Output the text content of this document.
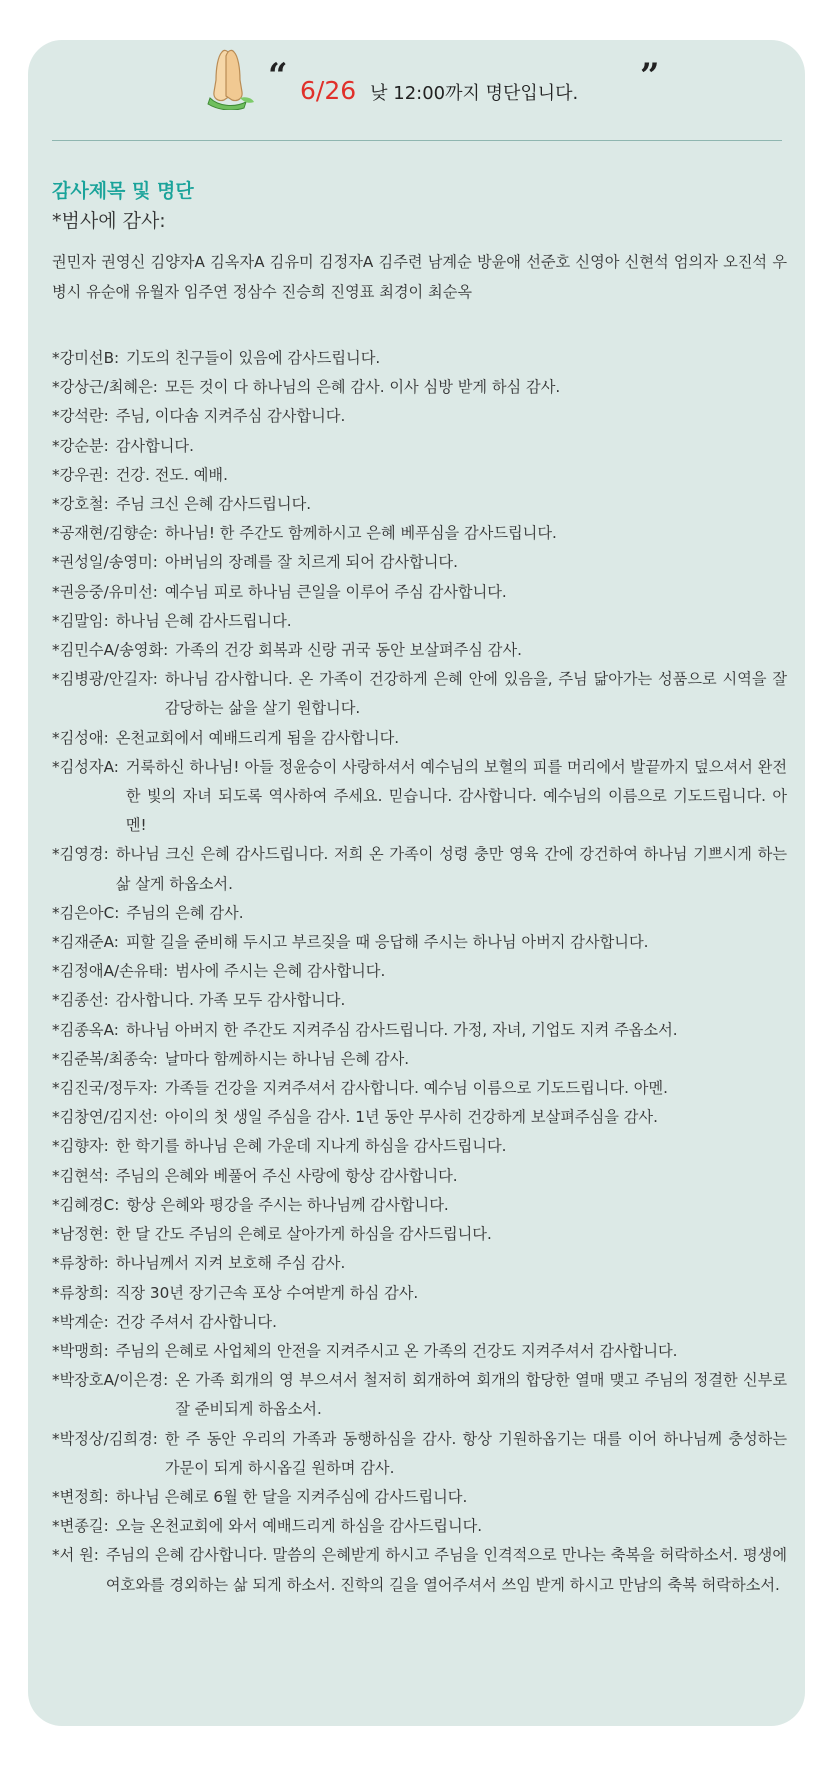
“ 6/26 낮 12:00까지 명단입니다. ”
감사제목 및 명단
*범사에 감사:
권민자 권영신 김양자A 김옥자A 김유미 김정자A 김주련 남계순 방윤애 선준호 신영아 신현석 엄의자 오진석 우병시 유순애 유월자 임주연 정삼수 진승희 진영표 최경이 최순옥
*강미선B: 기도의 친구들이 있음에 감사드립니다.
*강상근/최혜은: 모든 것이 다 하나님의 은혜 감사. 이사 심방 받게 하심 감사.
*강석란: 주님, 이다솜 지켜주심 감사합니다.
*강순분: 감사합니다.
*강우권: 건강. 전도. 예배.
*강호철: 주님 크신 은혜 감사드립니다.
*공재현/김향순: 하나님! 한 주간도 함께하시고 은혜 베푸심을 감사드립니다.
*권성일/송영미: 아버님의 장례를 잘 치르게 되어 감사합니다.
*권응중/유미선: 예수님 피로 하나님 큰일을 이루어 주심 감사합니다.
*김말임: 하나님 은혜 감사드립니다.
*김민수A/송영화: 가족의 건강 회복과 신랑 귀국 동안 보살펴주심 감사.
*김병광/안길자: 하나님 감사합니다. 온 가족이 건강하게 은혜 안에 있음을, 주님 닮아가는 성품으로 시역을 잘 감당하는 삶을 살기 원합니다.
*김성애: 온천교회에서 예배드리게 됨을 감사합니다.
*김성자A: 거룩하신 하나님! 아들 정윤승이 사랑하셔서 예수님의 보혈의 피를 머리에서 발끝까지 덮으셔서 완전한 빛의 자녀 되도록 역사하여 주세요. 믿습니다. 감사합니다. 예수님의 이름으로 기도드립니다. 아멘!
*김영경: 하나님 크신 은혜 감사드립니다. 저희 온 가족이 성령 충만 영육 간에 강건하여 하나님 기쁘시게 하는 삶 살게 하옵소서.
*김은아C: 주님의 은혜 감사.
*김재준A: 피할 길을 준비해 두시고 부르짖을 때 응답해 주시는 하나님 아버지 감사합니다.
*김정애A/손유태: 범사에 주시는 은혜 감사합니다.
*김종선: 감사합니다. 가족 모두 감사합니다.
*김종옥A: 하나님 아버지 한 주간도 지켜주심 감사드립니다. 가정, 자녀, 기업도 지켜 주옵소서.
*김준복/최종숙: 날마다 함께하시는 하나님 은혜 감사.
*김진국/정두자: 가족들 건강을 지켜주셔서 감사합니다. 예수님 이름으로 기도드립니다. 아멘.
*김창연/김지선: 아이의 첫 생일 주심을 감사. 1년 동안 무사히 건강하게 보살펴주심을 감사.
*김향자: 한 학기를 하나님 은혜 가운데 지나게 하심을 감사드립니다.
*김현석: 주님의 은혜와 베풀어 주신 사랑에 항상 감사합니다.
*김혜경C: 항상 은혜와 평강을 주시는 하나님께 감사합니다.
*남정현: 한 달 간도 주님의 은혜로 살아가게 하심을 감사드립니다.
*류창하: 하나님께서 지켜 보호해 주심 감사.
*류창희: 직장 30년 장기근속 포상 수여받게 하심 감사.
*박계순: 건강 주셔서 감사합니다.
*박맹희: 주님의 은혜로 사업체의 안전을 지켜주시고 온 가족의 건강도 지켜주셔서 감사합니다.
*박장호A/이은경: 온 가족 회개의 영 부으셔서 철저히 회개하여 회개의 합당한 열매 맺고 주님의 정결한 신부로 잘 준비되게 하옵소서.
*박정상/김희경: 한 주 동안 우리의 가족과 동행하심을 감사. 항상 기원하옵기는 대를 이어 하나님께 충성하는 가문이 되게 하시옵길 원하며 감사.
*변정희: 하나님 은혜로 6월 한 달을 지켜주심에 감사드립니다.
*변종길: 오늘 온천교회에 와서 예배드리게 하심을 감사드립니다.
*서 원: 주님의 은혜 감사합니다. 말씀의 은혜받게 하시고 주님을 인격적으로 만나는 축복을 허락하소서. 평생에 여호와를 경외하는 삶 되게 하소서. 진학의 길을 열어주셔서 쓰임 받게 하시고 만남의 축복 허락하소서.
